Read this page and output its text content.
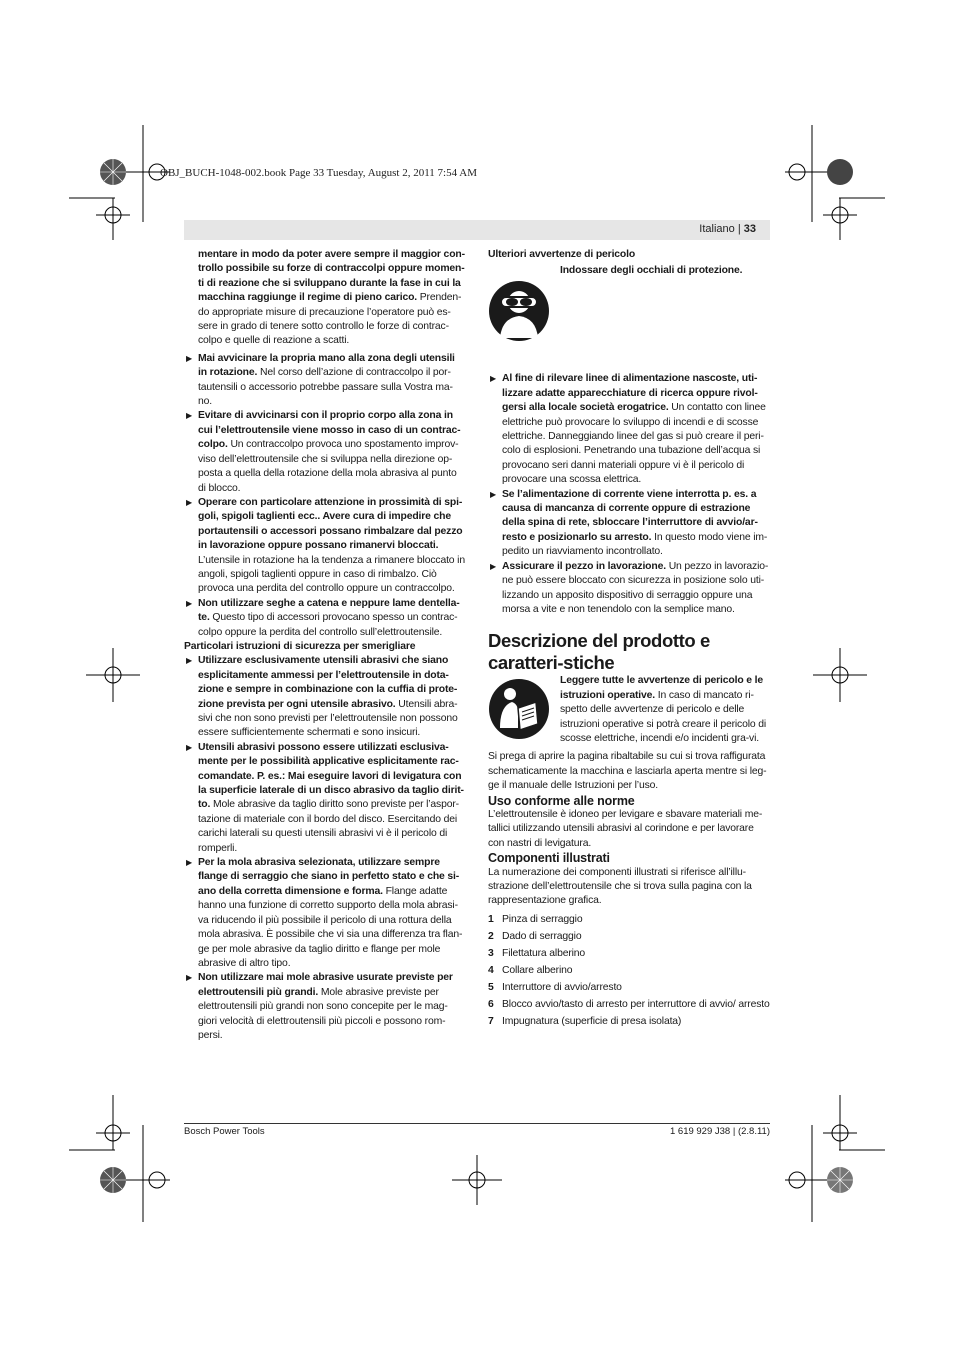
OBJ_BUCH-1048-002.book Page 33 Tuesday, August 2, 2011 7:54 AM
Italiano | 33

mentare in modo da poter avere sempre il maggior con-trollo possibile su forze di contraccolpi oppure momen-ti di reazione che si sviluppano durante la fase in cui la macchina raggiunge il regime di pieno carico. Prenden-do appropriate misure di precauzione l’operatore può es-sere in grado di tenere sotto controllo le forze di contrac-colpo e quelle di reazione a scatti.

▶ Mai avvicinare la propria mano alla zona degli utensili in rotazione. Nel corso dell’azione di contraccolpo il por-tautensili o accessorio potrebbe passare sulla Vostra ma-no.

▶ Evitare di avvicinarsi con il proprio corpo alla zona in cui l’elettroutensile viene mosso in caso di un contrac-colpo. Un contraccolpo provoca uno spostamento improv-viso dell’elettroutensile che si sviluppa nella direzione op-posta a quella della rotazione della mola abrasiva al punto di blocco.

▶ Operare con particolare attenzione in prossimità di spi-goli, spigoli taglienti ecc.. Avere cura di impedire che portautensili o accessori possano rimbalzare dal pezzo in lavorazione oppure possano rimanervi bloccati. L’utensile in rotazione ha la tendenza a rimanere bloccato in angoli, spigoli taglienti oppure in caso di rimbalzo. Ciò provoca una perdita del controllo oppure un contraccolpo.

▶ Non utilizzare seghe a catena e neppure lame dentella-te. Questo tipo di accessori provocano spesso un contrac-colpo oppure la perdita del controllo sull’elettroutensile.

Particolari istruzioni di sicurezza per smerigliare

▶ Utilizzare esclusivamente utensili abrasivi che siano esplicitamente ammessi per l’elettroutensile in dota-zione e sempre in combinazione con la cuffia di prote-zione prevista per ogni utensile abrasivo. Utensili abra-sivi che non sono previsti per l’elettroutensile non possono essere sufficientemente schermati e sono insicuri.

▶ Utensili abrasivi possono essere utilizzati esclusiva-mente per le possibilità applicative esplicitamente rac-comandate. P. es.: Mai eseguire lavori di levigatura con la superficie laterale di un disco abrasivo da taglio dirit-to. Mole abrasive da taglio diritto sono previste per l’aspor-tazione di materiale con il bordo del disco. Esercitando dei carichi laterali su questi utensili abrasivi vi è il pericolo di romperli.

▶ Per la mola abrasiva selezionata, utilizzare sempre flange di serraggio che siano in perfetto stato e che si-ano della corretta dimensione e forma. Flange adatte hanno una funzione di corretto supporto della mola abrasi-va riducendo il più possibile il pericolo di una rottura della mola abrasiva. È possibile che vi sia una differenza tra flan-ge per mole abrasive da taglio diritto e flange per mole abrasive di altro tipo.

▶ Non utilizzare mai mole abrasive usurate previste per elettroutensili più grandi. Mole abrasive previste per elettroutensili più grandi non sono concepite per le mag-giori velocità di elettroutensili più piccoli e possono rom-persi.

Ulteriori avvertenze di pericolo

Indossare degli occhiali di protezione.

▶ Al fine di rilevare linee di alimentazione nascoste, uti-lizzare adatte apparecchiature di ricerca oppure rivol-gersi alla locale società erogatrice. Un contatto con linee elettriche può provocare lo sviluppo di incendi e di scosse elettriche. Danneggiando linee del gas si può creare il peri-colo di esplosioni. Penetrando una tubazione dell’acqua si provocano seri danni materiali oppure vi è il pericolo di provocare una scossa elettrica.

▶ Se l’alimentazione di corrente viene interrotta p. es. a causa di mancanza di corrente oppure di estrazione della spina di rete, sbloccare l’interruttore di avvio/ar-resto e posizionarlo su arresto. In questo modo viene im-pedito un riavviamento incontrollato.

▶ Assicurare il pezzo in lavorazione. Un pezzo in lavorazio-ne può essere bloccato con sicurezza in posizione solo uti-lizzando un apposito dispositivo di serraggio oppure una morsa a vite e non tenendolo con la semplice mano.

Descrizione del prodotto e caratteri-stiche

Leggere tutte le avvertenze di pericolo e le istruzioni operative. In caso di mancato ri-spetto delle avvertenze di pericolo e delle istruzioni operative si potrà creare il pericolo di scosse elettriche, incendi e/o incidenti gra-vi.

Si prega di aprire la pagina ribaltabile su cui si trova raffigurata schematicamente la macchina e lasciarla aperta mentre si leg-ge il manuale delle Istruzioni per l’uso.

Uso conforme alle norme

L’elettroutensile è idoneo per levigare e sbavare materiali me-tallici utilizzando utensili abrasivi al corindone e per lavorare con nastri di levigatura.

Componenti illustrati

La numerazione dei componenti illustrati si riferisce all’illu-strazione dell’elettroutensile che si trova sulla pagina con la rappresentazione grafica.

1 Pinza di serraggio
2 Dado di serraggio
3 Filettatura alberino
4 Collare alberino
5 Interruttore di avvio/arresto
6 Blocco avvio/tasto di arresto per interruttore di avvio/ arresto
7 Impugnatura (superficie di presa isolata)
Bosch Power Tools	1 619 929 J38 | (2.8.11)
